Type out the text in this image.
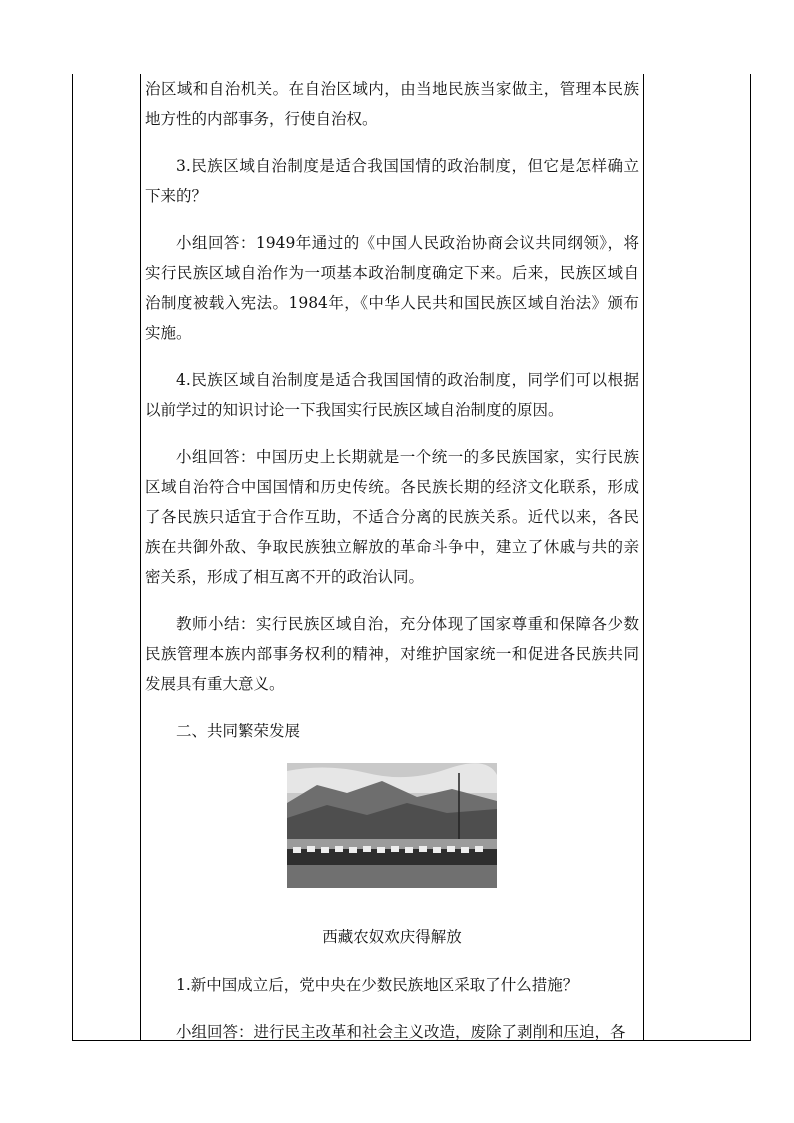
治区域和自治机关。在自治区域内，由当地民族当家做主，管理本民族地方性的内部事务，行使自治权。

3.民族区域自治制度是适合我国国情的政治制度，但它是怎样确立下来的？

小组回答：1949年通过的《中国人民政治协商会议共同纲领》，将实行民族区域自治作为一项基本政治制度确定下来。后来，民族区域自治制度被载入宪法。1984年，《中华人民共和国民族区域自治法》颁布实施。

4.民族区域自治制度是适合我国国情的政治制度，同学们可以根据以前学过的知识讨论一下我国实行民族区域自治制度的原因。

小组回答：中国历史上长期就是一个统一的多民族国家，实行民族区域自治符合中国国情和历史传统。各民族长期的经济文化联系，形成了各民族只适宜于合作互助，不适合分离的民族关系。近代以来，各民族在共御外敌、争取民族独立解放的革命斗争中，建立了休戚与共的亲密关系，形成了相互离不开的政治认同。

教师小结：实行民族区域自治，充分体现了国家尊重和保障各少数民族管理本族内部事务权利的精神，对维护国家统一和促进各民族共同发展具有重大意义。

二、共同繁荣发展

西藏农奴欢庆得解放

1.新中国成立后，党中央在少数民族地区采取了什么措施？

小组回答：进行民主改革和社会主义改造，废除了剥削和压迫，各
